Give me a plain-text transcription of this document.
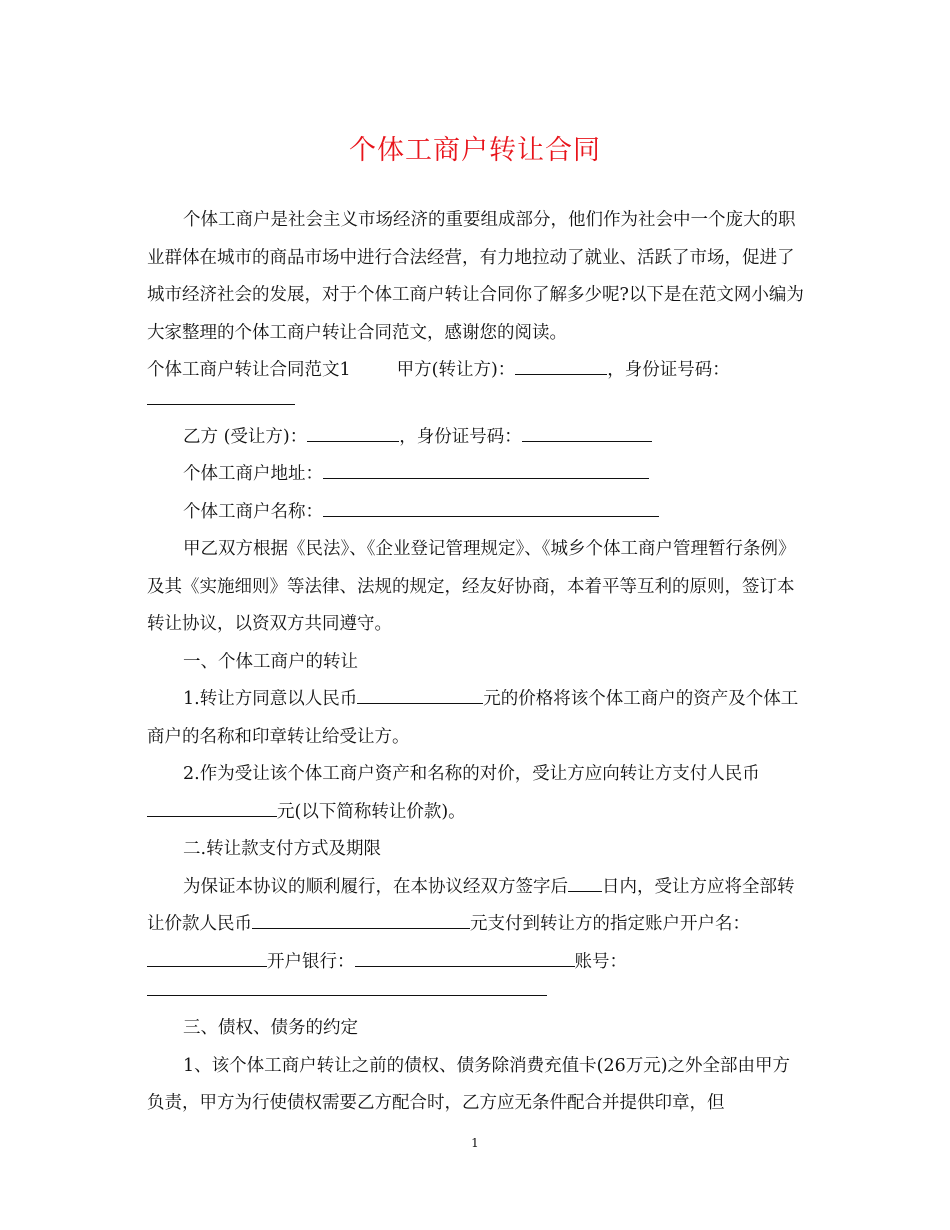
个体工商户转让合同

个体工商户是社会主义市场经济的重要组成部分，他们作为社会中一个庞大的职业群体在城市的商品市场中进行合法经营，有力地拉动了就业、活跃了市场，促进了城市经济社会的发展，对于个体工商户转让合同你了解多少呢?以下是在范文网小编为大家整理的个体工商户转让合同范文，感谢您的阅读。

个体工商户转让合同范文1	甲方(转让方)：	，身份证号码：

乙方 (受让方)：	，身份证号码：

个体工商户地址：

个体工商户名称：

甲乙双方根据《民法》、《企业登记管理规定》、《城乡个体工商户管理暂行条例》及其《实施细则》等法律、法规的规定，经友好协商，本着平等互利的原则，签订本转让协议，以资双方共同遵守。

一、个体工商户的转让

1.转让方同意以人民币	元的价格将该个体工商户的资产及个体工商户的名称和印章转让给受让方。

2.作为受让该个体工商户资产和名称的对价，受让方应向转让方支付人民币元(以下简称转让价款)。

二.转让款支付方式及期限

为保证本协议的顺利履行，在本协议经双方签字后 日内，受让方应将全部转让价款人民币	元支付到转让方的指定账户开户名：开户银行：	账号：

三、债权、债务的约定

1、该个体工商户转让之前的债权、债务除消费充值卡(26万元)之外全部由甲方负责，甲方为行使债权需要乙方配合时，乙方应无条件配合并提供印章，但

1
